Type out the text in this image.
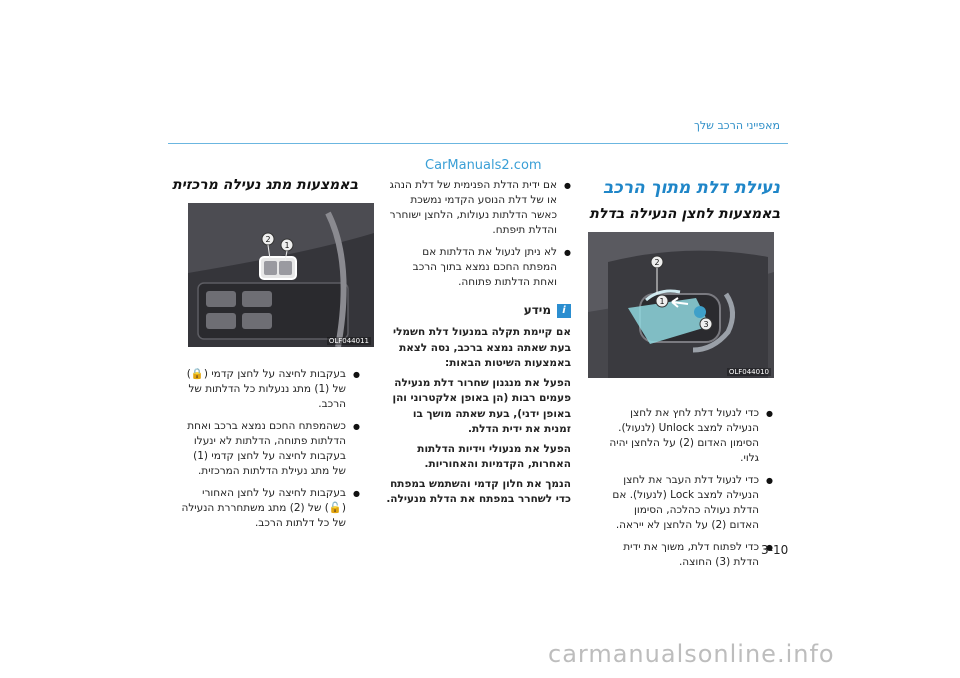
מאפייני הרכב שלך
CarManuals2.com
נעילת דלת מתוך הרכב
באמצעות לחצן הנעילה בדלת
באמצעות מתג נעילה מרכזית
2
1
3
OLF044010
2
1
OLF044011
● כדי לנעול דלת לחץ את לחצן הנעילה למצב Unlock (לנעול). הסימון האדום (2) על הלחצן יהיה גלוי.
● כדי לנעול דלת העבר את לחצן הנעילה למצב Lock (לנעול). אם הדלת נעולה כהלכה, הסימון האדום (2) על הלחצן לא ייראה.
● כדי לפתוח דלת, משוך את ידית הדלת (3) החוצה.
● אם ידית הדלת הפנימית של דלת הנהג או של דלת הנוסע הקדמי נמשכת כאשר הדלתות נעולות, הלחצן ישוחרר והדלת תיפתח.
● לא ניתן לנעול את הדלתות אם המפתח החכם נמצא בתוך הרכב ואחת הדלתות פתוחה.
iמידע

אם קיימת תקלה במנעול דלת חשמלי בעת שאתה נמצא ברכב, נסה לצאת באמצעות השיטות הבאות:

הפעל את מנגנון שחרור דלת מנעילה פעמים רבות (הן באופן אלקטרוני והן באופן ידני), בעת שאתה מושך בו זמנית את ידית הדלת.

הפעל את מנעולי וידיות הדלתות האחרות, הקדמיות והאחוריות.

הנמך את חלון קדמי והשתמש במפתח כדי לשחרר במפתח את הדלת מנעילה.

● בעקבות לחיצה על לחצן קדמי (🔒) של (1) מתג ננעלות כל הדלתות של הרכב.
● כשהמפתח החכם נמצא ברכב ואחת הדלתות פתוחה, הדלתות לא ינעלו בעקבות לחיצה על לחצן קדמי (1) של מתג נעילת הדלתות המרכזית.
● בעקבות לחיצה על לחצן האחורי (🔓) של (2) מתג משתחררת הנעילה של כל דלתות הרכב.
3-10
carmanualsonline.info
